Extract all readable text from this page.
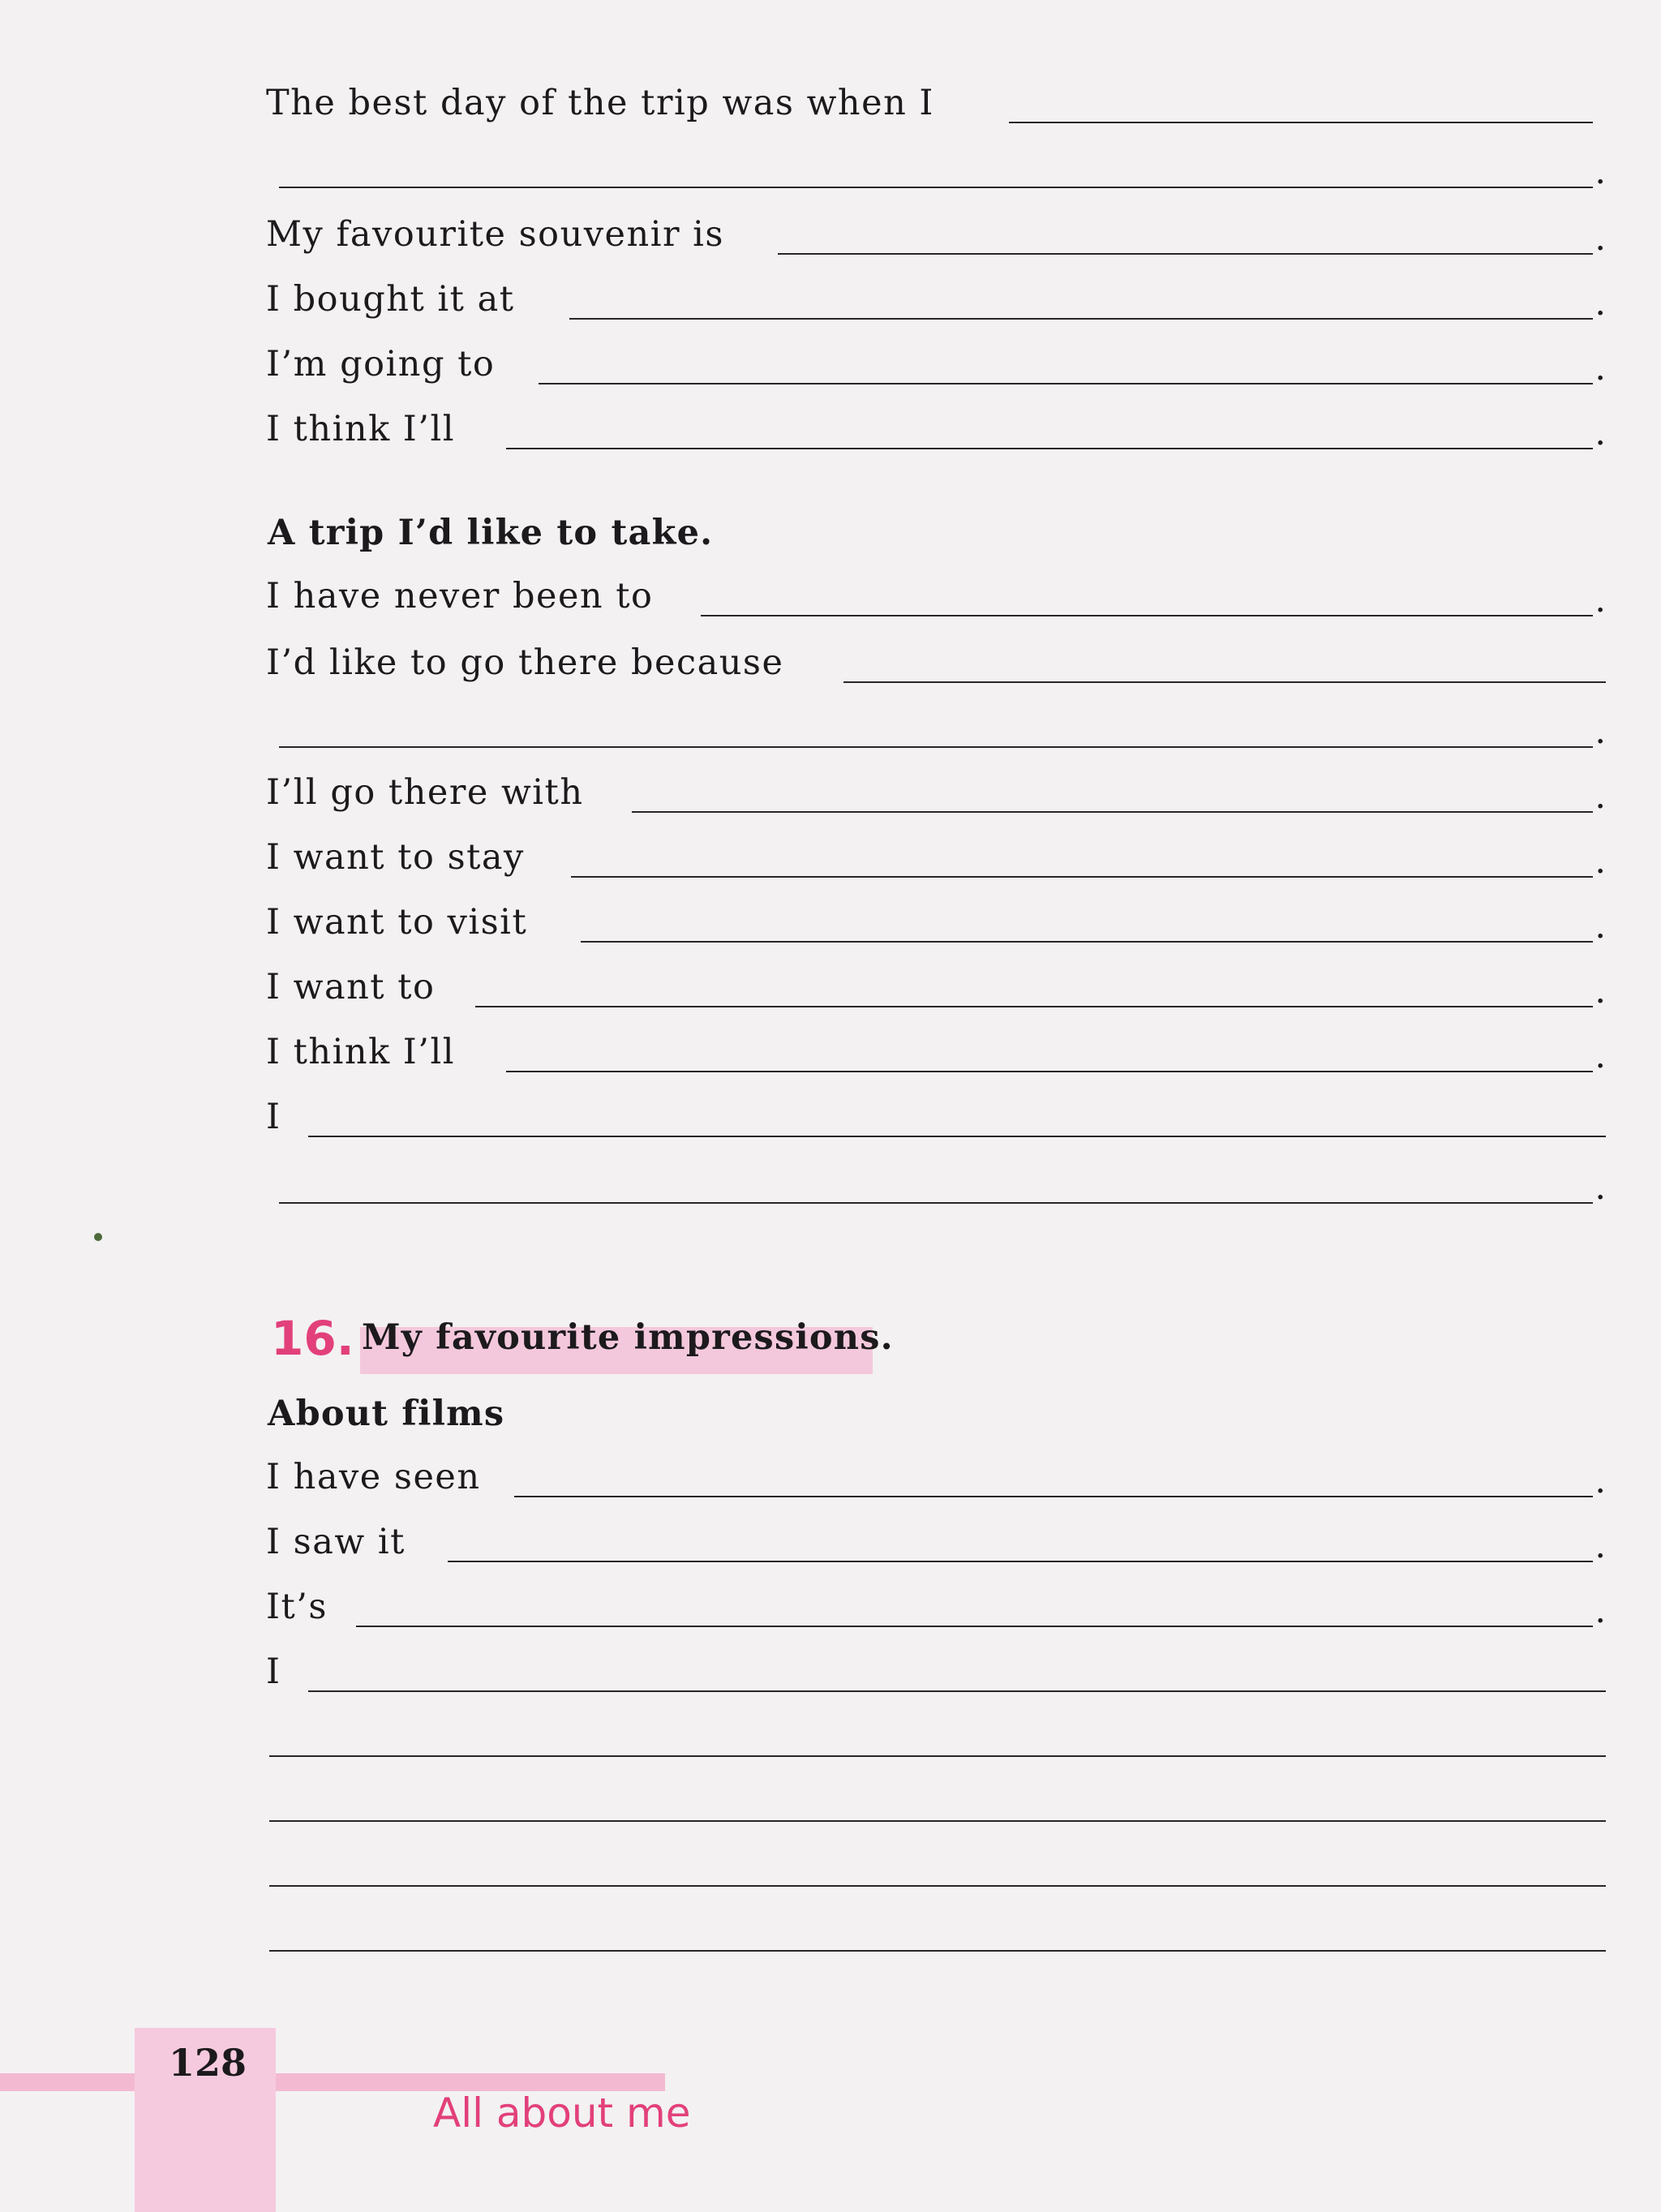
The best day of the trip was when I
.
My favourite souvenir is	.
I bought it at	.
I’m going to	.
I think I’ll	.
A trip I’d like to take.
I have never been to	.
I’d like to go there because
.
I’ll go there with	.
I want to stay	.
I want to visit	.
I want to	.
I think I’ll	.
I
.
16. My favourite impressions.
About films
I have seen	.
I saw it	.
It’s	.
I
128
All about me
